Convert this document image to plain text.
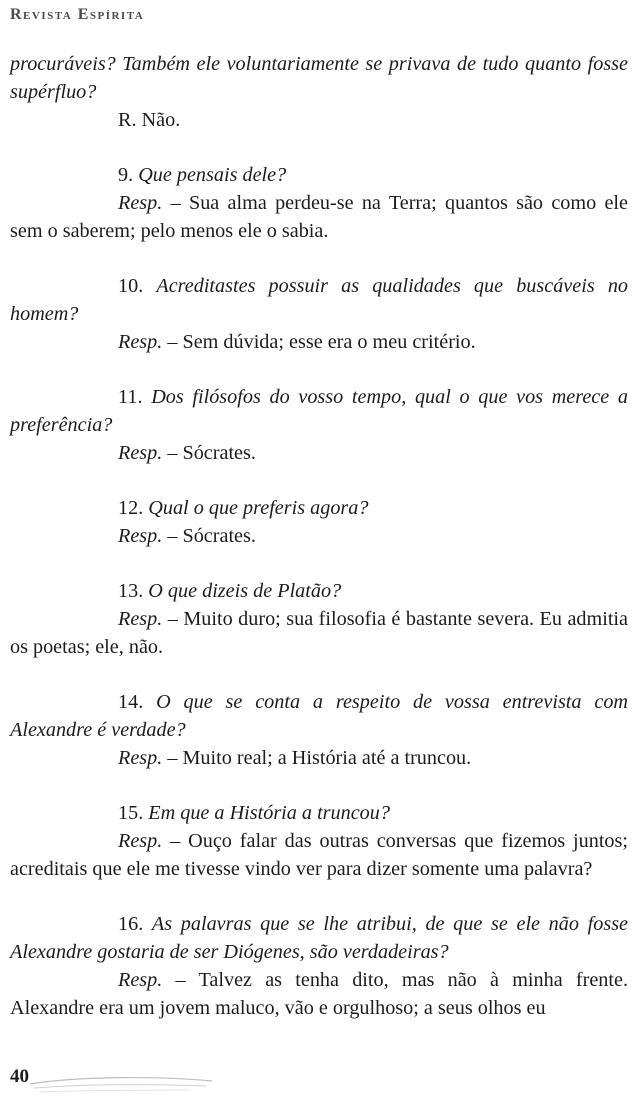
Revista Espírita

procuráveis? Também ele voluntariamente se privava de tudo quanto fosse supérfluo?

R. Não.

9. Que pensais dele?

Resp. – Sua alma perdeu-se na Terra; quantos são como ele sem o saberem; pelo menos ele o sabia.

10. Acreditastes possuir as qualidades que buscáveis no homem?

Resp. – Sem dúvida; esse era o meu critério.

11. Dos filósofos do vosso tempo, qual o que vos merece a preferência?

Resp. – Sócrates.

12. Qual o que preferis agora?

Resp. – Sócrates.

13. O que dizeis de Platão?

Resp. – Muito duro; sua filosofia é bastante severa. Eu admitia os poetas; ele, não.

14. O que se conta a respeito de vossa entrevista com Alexandre é verdade?

Resp. – Muito real; a História até a truncou.

15. Em que a História a truncou?

Resp. – Ouço falar das outras conversas que fizemos juntos; acreditais que ele me tivesse vindo ver para dizer somente uma palavra?

16. As palavras que se lhe atribui, de que se ele não fosse Alexandre gostaria de ser Diógenes, são verdadeiras?

Resp. – Talvez as tenha dito, mas não à minha frente. Alexandre era um jovem maluco, vão e orgulhoso; a seus olhos eu

40
